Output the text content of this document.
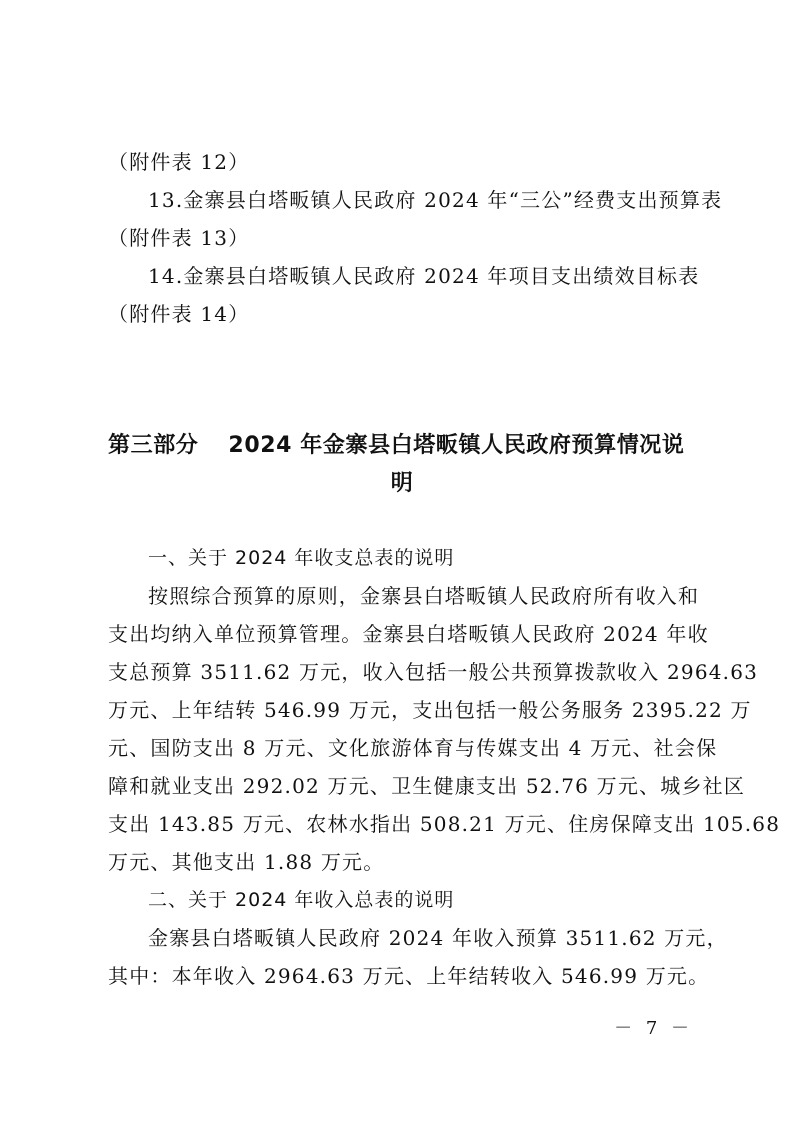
（附件表 12）
13.金寨县白塔畈镇人民政府 2024 年“三公”经费支出预算表
（附件表 13）
14.金寨县白塔畈镇人民政府 2024 年项目支出绩效目标表
（附件表 14）
第三部分 2024 年金寨县白塔畈镇人民政府预算情况说
明
一、关于 2024 年收支总表的说明
按照综合预算的原则，金寨县白塔畈镇人民政府所有收入和
支出均纳入单位预算管理。金寨县白塔畈镇人民政府 2024 年收
支总预算 3511.62 万元，收入包括一般公共预算拨款收入 2964.63
万元、上年结转 546.99 万元，支出包括一般公务服务 2395.22 万
元、国防支出 8 万元、文化旅游体育与传媒支出 4 万元、社会保
障和就业支出 292.02 万元、卫生健康支出 52.76 万元、城乡社区
支出 143.85 万元、农林水指出 508.21 万元、住房保障支出 105.68
万元、其他支出 1.88 万元。
二、关于 2024 年收入总表的说明
金寨县白塔畈镇人民政府 2024 年收入预算 3511.62 万元，
其中：本年收入 2964.63 万元、上年结转收入 546.99 万元。
－ 7 －
